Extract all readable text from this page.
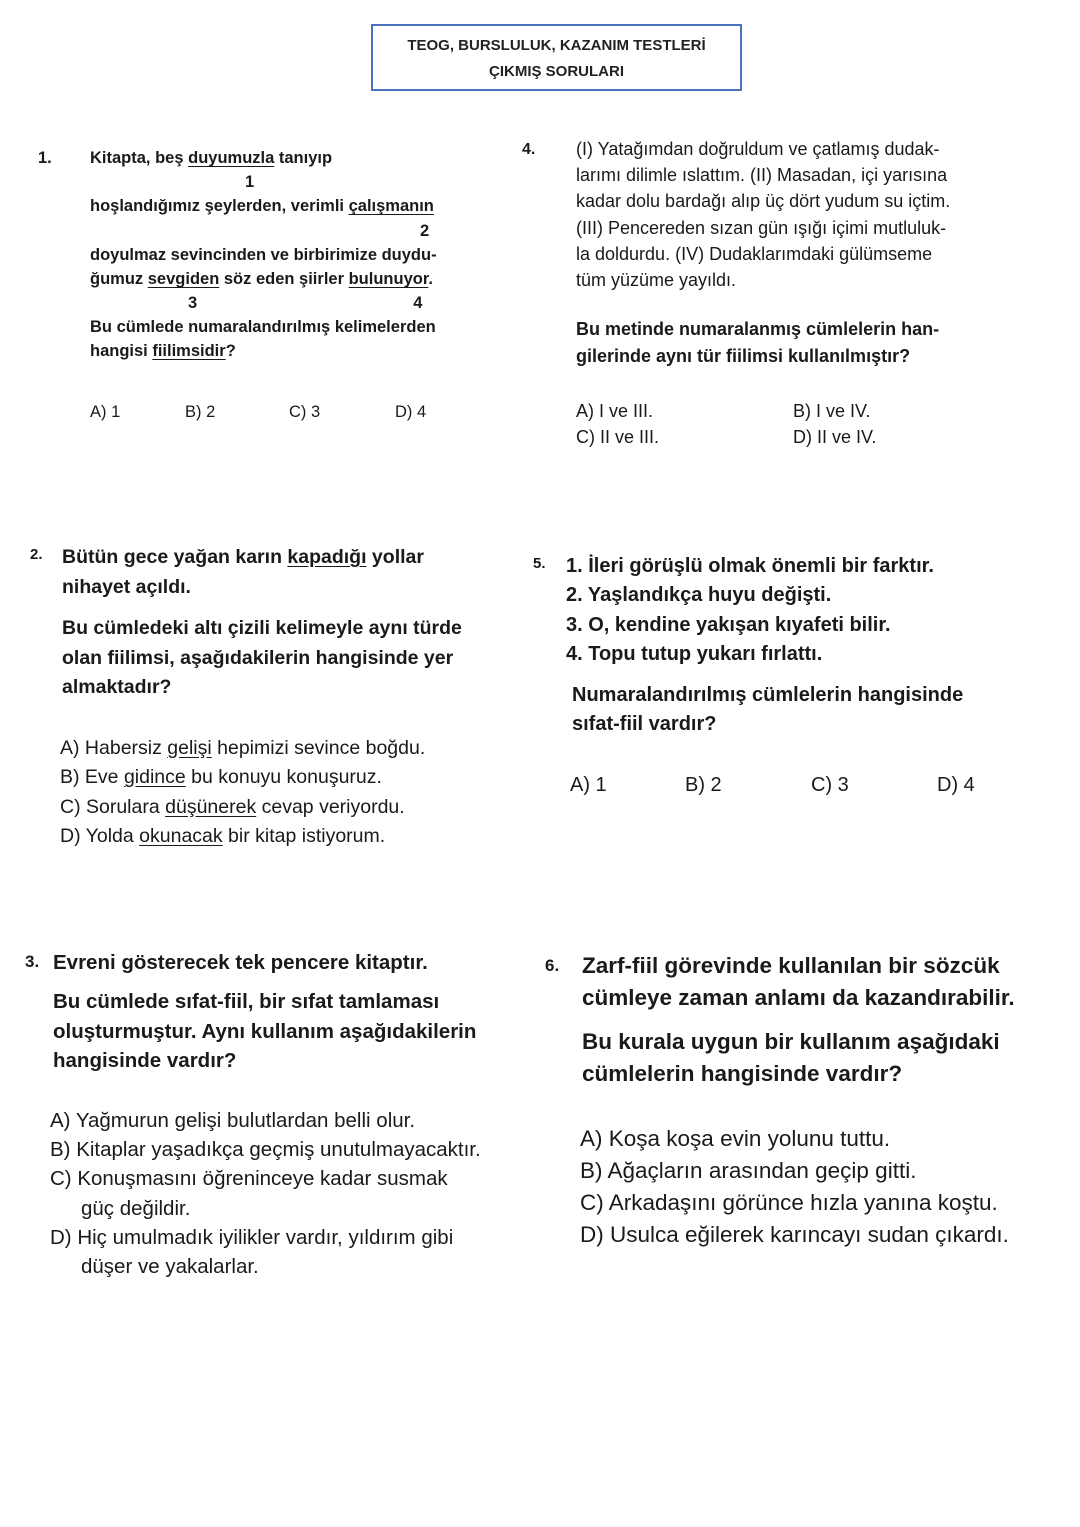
TEOG, BURSLULUK, KAZANIM TESTLERİ
ÇIKMIŞ SORULARI
1. Kitapta, beş duyumuzla tanıyıp
1
hoşlandığımız şeylerden, verimli çalışmanın
2
doyulmaz sevincinden ve birbirimize duydu-
ğumuz sevgiden söz eden şiirler bulunuyor.
3	4
Bu cümlede numaralandırılmış kelimelerden
hangisi fiilimsidir?
A) 1	B) 2	C) 3	D) 4
4. (I) Yatağımdan doğruldum ve çatlamış dudak-
larımı dilimle ıslattım. (II) Masadan, içi yarısına
kadar dolu bardağı alıp üç dört yudum su içtim.
(III) Pencereden sızan gün ışığı içimi mutluluk-
la doldurdu. (IV) Dudaklarımdaki gülümseme
tüm yüzüme yayıldı.
Bu metinde numaralanmış cümlelerin han-
gilerinde aynı tür fiilimsi kullanılmıştır?
A) I ve III.	B) I ve IV.
C) II ve III.	D) II ve IV.
2. Bütün gece yağan karın kapadığı yollar
nihayet açıldı.
Bu cümledeki altı çizili kelimeyle aynı türde
olan fiilimsi, aşağıdakilerin hangisinde yer
almaktadır?
A) Habersiz gelişi hepimizi sevince boğdu.
B) Eve gidince bu konuyu konuşuruz.
C) Sorulara düşünerek cevap veriyordu.
D) Yolda okunacak bir kitap istiyorum.
5. 1. İleri görüşlü olmak önemli bir farktır.
2. Yaşlandıkça huyu değişti.
3. O, kendine yakışan kıyafeti bilir.
4. Topu tutup yukarı fırlattı.
Numaralandırılmış cümlelerin hangisinde
sıfat-fiil vardır?
A) 1	B) 2	C) 3	D) 4
3. Evreni gösterecek tek pencere kitaptır.
Bu cümlede sıfat-fiil, bir sıfat tamlaması
oluşturmuştur. Aynı kullanım aşağıdakilerin
hangisinde vardır?
A) Yağmurun gelişi bulutlardan belli olur.
B) Kitaplar yaşadıkça geçmiş unutulmayacaktır.
C) Konuşmasını öğreninceye kadar susmak
güç değildir.
D) Hiç umulmadık iyilikler vardır, yıldırım gibi
düşer ve yakalarlar.
6. Zarf-fiil görevinde kullanılan bir sözcük
cümleye zaman anlamı da kazandırabilir.
Bu kurala uygun bir kullanım aşağıdaki
cümlelerin hangisinde vardır?
A) Koşa koşa evin yolunu tuttu.
B) Ağaçların arasından geçip gitti.
C) Arkadaşını görünce hızla yanına koştu.
D) Usulca eğilerek karıncayı sudan çıkardı.
